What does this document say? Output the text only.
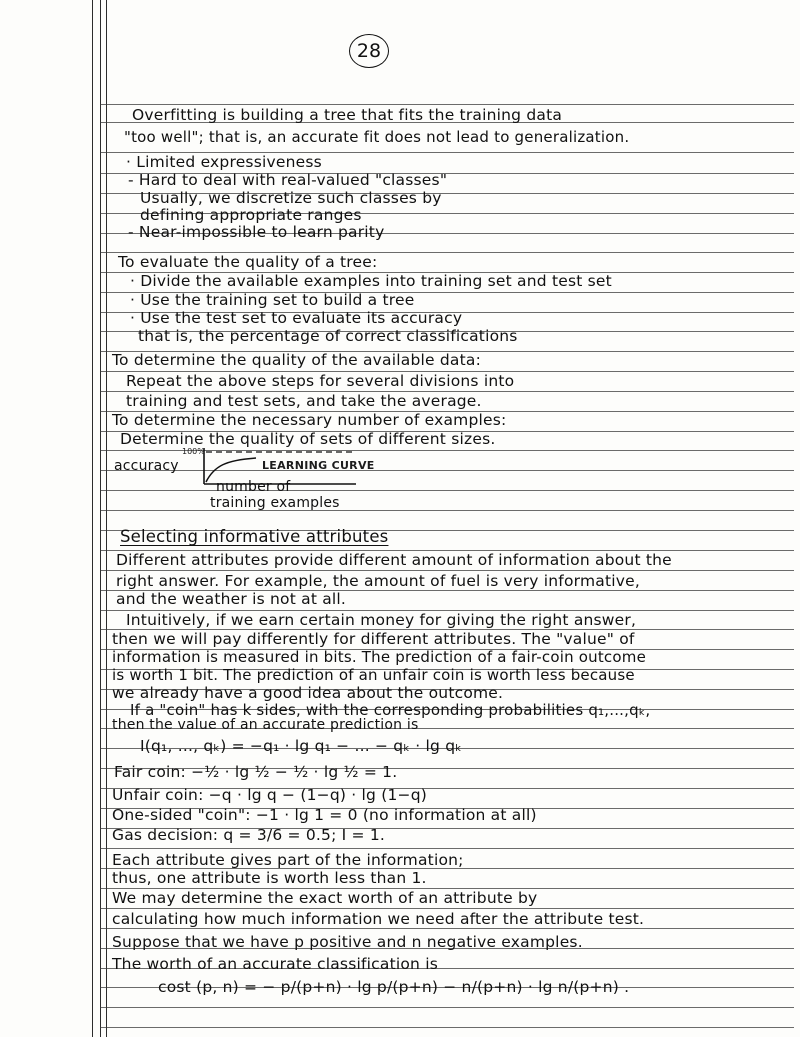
28
Overfitting is building a tree that fits the training data
"too well"; that is, an accurate fit does not lead to generalization.
· Limited expressiveness
- Hard to deal with real-valued "classes"
Usually, we discretize such classes by
defining appropriate ranges
- Near-impossible to learn parity
To evaluate the quality of a tree:
· Divide the available examples into training set and test set
· Use the training set to build a tree
· Use the test set to evaluate its accuracy
that is, the percentage of correct classifications
To determine the quality of the available data:
Repeat the above steps for several divisions into
training and test sets, and take the average.
To determine the necessary number of examples:
Determine the quality of sets of different sizes.
accuracy
100%
LEARNING CURVE
number of
training examples
Selecting informative attributes
Different attributes provide different amount of information about the
right answer. For example, the amount of fuel is very informative,
and the weather is not at all.
Intuitively, if we earn certain money for giving the right answer,
then we will pay differently for different attributes. The "value" of
information is measured in bits. The prediction of a fair-coin outcome
is worth 1 bit. The prediction of an unfair coin is worth less because
we already have a good idea about the outcome.
If a "coin" has k sides, with the corresponding probabilities q₁,...,qₖ,
then the value of an accurate prediction is
I(q₁, ..., qₖ) = −q₁ · lg q₁ − ... − qₖ · lg qₖ
Fair coin: −½ · lg ½ − ½ · lg ½ = 1.
Unfair coin: −q · lg q − (1−q) · lg (1−q)
One-sided "coin": −1 · lg 1 = 0 (no information at all)
Gas decision: q = 3/6 = 0.5; I = 1.
Each attribute gives part of the information;
thus, one attribute is worth less than 1.
We may determine the exact worth of an attribute by
calculating how much information we need after the attribute test.
Suppose that we have p positive and n negative examples.
The worth of an accurate classification is
cost (p, n) = − p/(p+n) · lg p/(p+n) − n/(p+n) · lg n/(p+n) .
